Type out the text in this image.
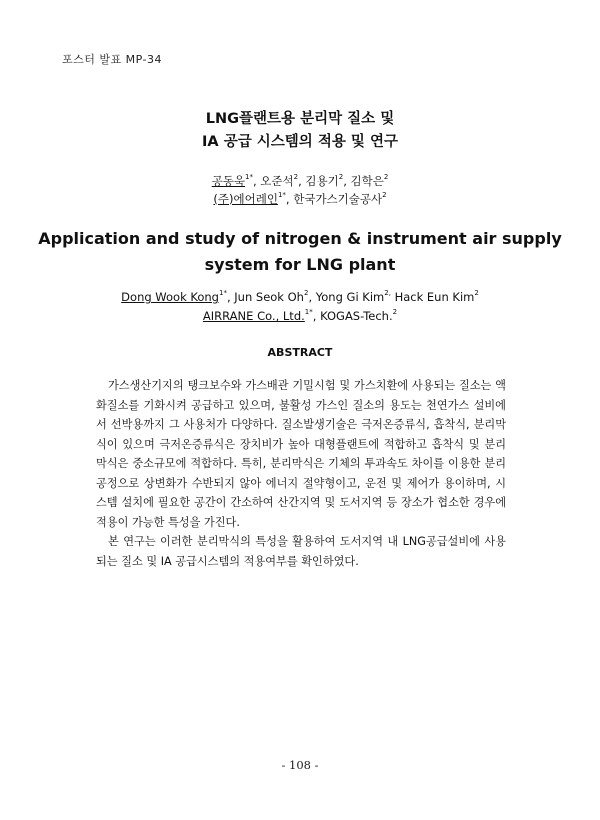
포스터 발표 MP-34
LNG플랜트용 분리막 질소 및
IA 공급 시스템의 적용 및 연구
공동욱$^{1*}$, 오준석$^2$, 김용기$^2$, 김학은$^2$
(주)에어레인$^{1*}$, 한국가스기술공사$^2$
Application and study of nitrogen & instrument air supply
system for LNG plant
Dong Wook Kong$^{1*}$, Jun Seok Oh$^2$, Yong Gi Kim$^{2,}$ Hack Eun Kim$^2$
AIRRANE Co., Ltd.$^{1*}$, KOGAS-Tech.$^2$
ABSTRACT

가스생산기지의 탱크보수와 가스배관 기밀시험 및 가스치환에 사용되는 질소는 액화질소를 기화시켜 공급하고 있으며, 불활성 가스인 질소의 용도는 천연가스 설비에서 선박용까지 그 사용처가 다양하다. 질소발생기술은 극저온증류식, 흡착식, 분리막식이 있으며 극저온증류식은 장치비가 높아 대형플랜트에 적합하고 흡착식 및 분리막식은 중소규모에 적합하다. 특히, 분리막식은 기체의 투과속도 차이를 이용한 분리공정으로 상변화가 수반되지 않아 에너지 절약형이고, 운전 및 제어가 용이하며, 시스템 설치에 필요한 공간이 간소하여 산간지역 및 도서지역 등 장소가 협소한 경우에 적용이 가능한 특성을 가진다.

본 연구는 이러한 분리막식의 특성을 활용하여 도서지역 내 LNG공급설비에 사용되는 질소 및 IA 공급시스템의 적용여부를 확인하였다.

- 108 -
